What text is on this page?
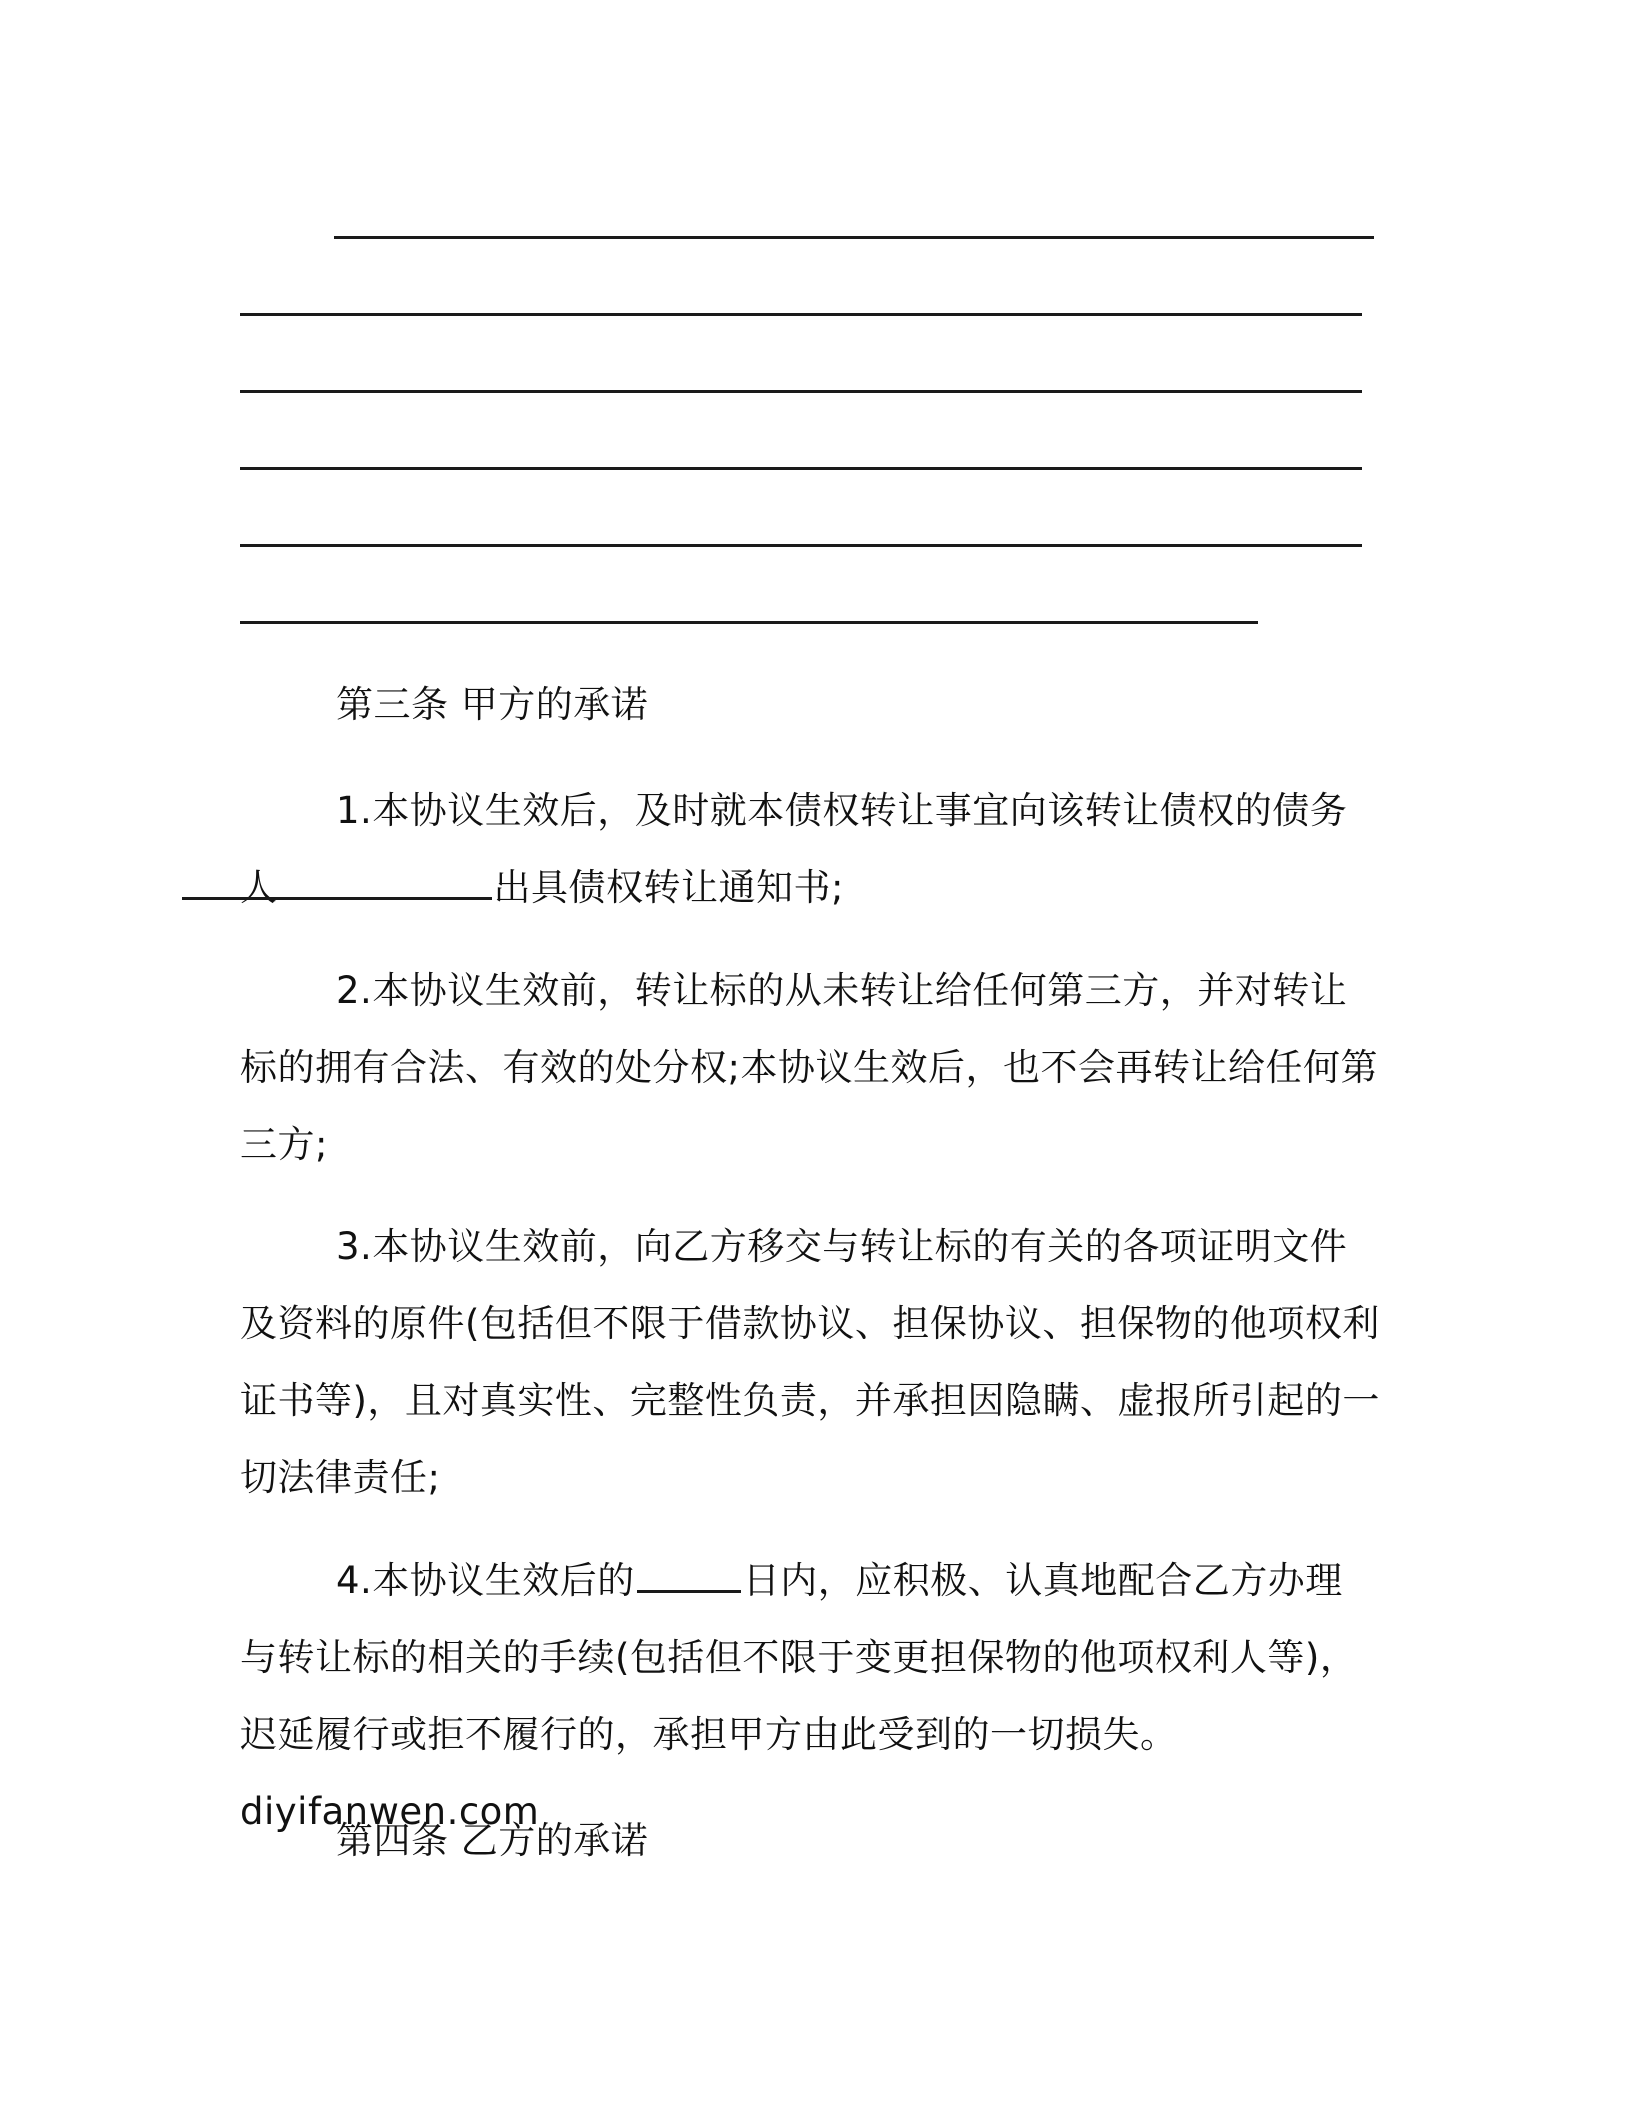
第三条 甲方的承诺
1.本协议生效后，及时就本债权转让事宜向该转让债权的债务人	出具债权转让通知书;
2.本协议生效前，转让标的从未转让给任何第三方，并对转让标的拥有合法、有效的处分权;本协议生效后，也不会再转让给任何第三方;
3.本协议生效前，向乙方移交与转让标的有关的各项证明文件及资料的原件(包括但不限于借款协议、担保协议、担保物的他项权利证书等)，且对真实性、完整性负责，并承担因隐瞒、虚报所引起的一切法律责任;
4.本协议生效后的	日内，应积极、认真地配合乙方办理与转让标的相关的手续(包括但不限于变更担保物的他项权利人等)，迟延履行或拒不履行的，承担甲方由此受到的一切损失。diyifanwen.com
第四条 乙方的承诺
